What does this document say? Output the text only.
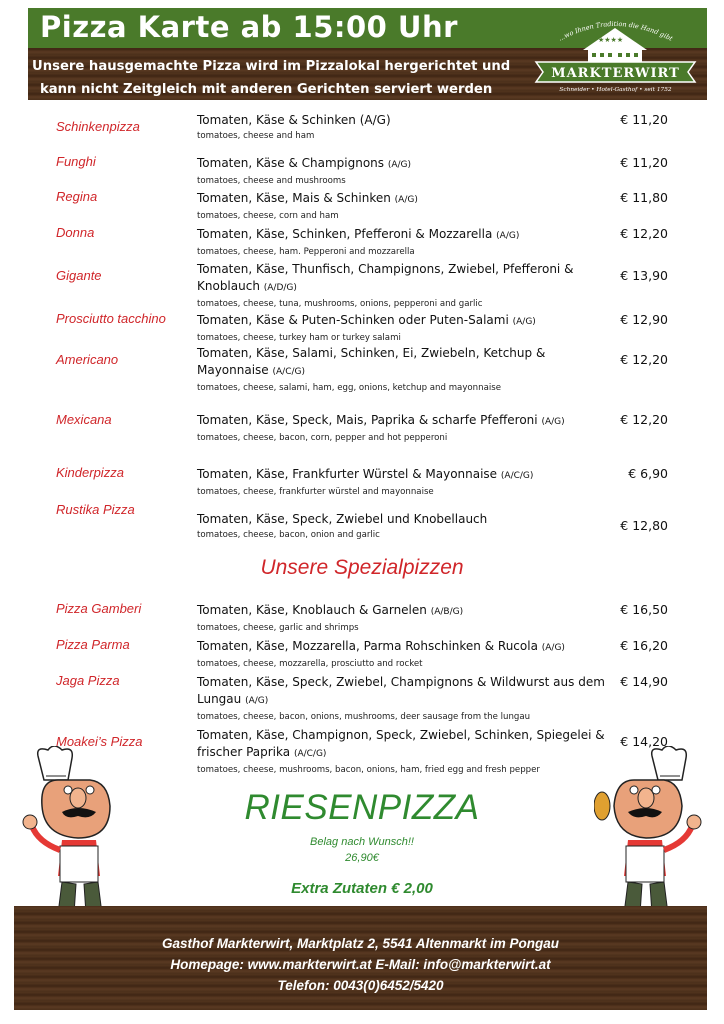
Pizza Karte ab 15:00 Uhr
Unsere hausgemachte Pizza wird im Pizzalokal hergerichtet und
kann nicht Zeitgleich mit anderen Gerichten serviert werden
...wo Ihnen Tradition die Hand gibt
★★★★
MARKTERWIRT
Schneider • Hotel-Gasthof • seit 1752
Schinkenpizza	Tomaten, Käse & Schinken (A/G)
tomatoes, cheese and ham
€ 11,20
Funghi	Tomaten, Käse & Champignons (A/G)
tomatoes, cheese and mushrooms
€ 11,20
Regina	Tomaten, Käse, Mais & Schinken (A/G)
tomatoes, cheese, corn and ham
€ 11,80
Donna	Tomaten, Käse, Schinken, Pfefferoni & Mozzarella (A/G)
tomatoes, cheese, ham. Pepperoni and mozzarella
€ 12,20
Gigante	Tomaten, Käse, Thunfisch, Champignons, Zwiebel, Pfefferoni & Knoblauch (A/D/G)
tomatoes, cheese, tuna, mushrooms, onions, pepperoni and garlic
€ 13,90
Prosciutto tacchino	Tomaten, Käse & Puten-Schinken oder Puten-Salami (A/G)
tomatoes, cheese, turkey ham or turkey salami
€ 12,90
Americano	Tomaten, Käse, Salami, Schinken, Ei, Zwiebeln, Ketchup & Mayonnaise (A/C/G)
tomatoes, cheese, salami, ham, egg, onions, ketchup and mayonnaise
€ 12,20
Mexicana	Tomaten, Käse, Speck, Mais, Paprika & scharfe Pfefferoni (A/G)
tomatoes, cheese, bacon, corn, pepper and hot pepperoni
€ 12,20
Kinderpizza	Tomaten, Käse, Frankfurter Würstel & Mayonnaise (A/C/G)
tomatoes, cheese, frankfurter würstel and mayonnaise
€ 6,90
Rustika Pizza
Tomaten, Käse, Speck, Zwiebel und Knobellauch
tomatoes, cheese, bacon, onion and garlic
€ 12,80
Unsere Spezialpizzen
Pizza Gamberi	Tomaten, Käse, Knoblauch & Garnelen (A/B/G)
tomatoes, cheese, garlic and shrimps
€ 16,50
Pizza Parma	Tomaten, Käse, Mozzarella, Parma Rohschinken & Rucola (A/G)
tomatoes, cheese, mozzarella, prosciutto and rocket
€ 16,20
Jaga Pizza	Tomaten, Käse, Speck, Zwiebel, Champignons & Wildwurst aus dem Lungau (A/G)
tomatoes, cheese, bacon, onions, mushrooms, deer sausage from the lungau
€ 14,90
Moakei’s Pizza	Tomaten, Käse, Champignon, Speck, Zwiebel, Schinken, Spiegelei & frischer Paprika (A/C/G)
tomatoes, cheese, mushrooms, bacon, onions, ham, fried egg and fresh pepper
€ 14,20
RIESENPIZZA
Belag nach Wunsch!!
26,90€
Extra Zutaten € 2,00
Gasthof Markterwirt, Marktplatz 2, 5541 Altenmarkt im Pongau
Homepage: www.markterwirt.at E-Mail: info@markterwirt.at
Telefon: 0043(0)6452/5420
